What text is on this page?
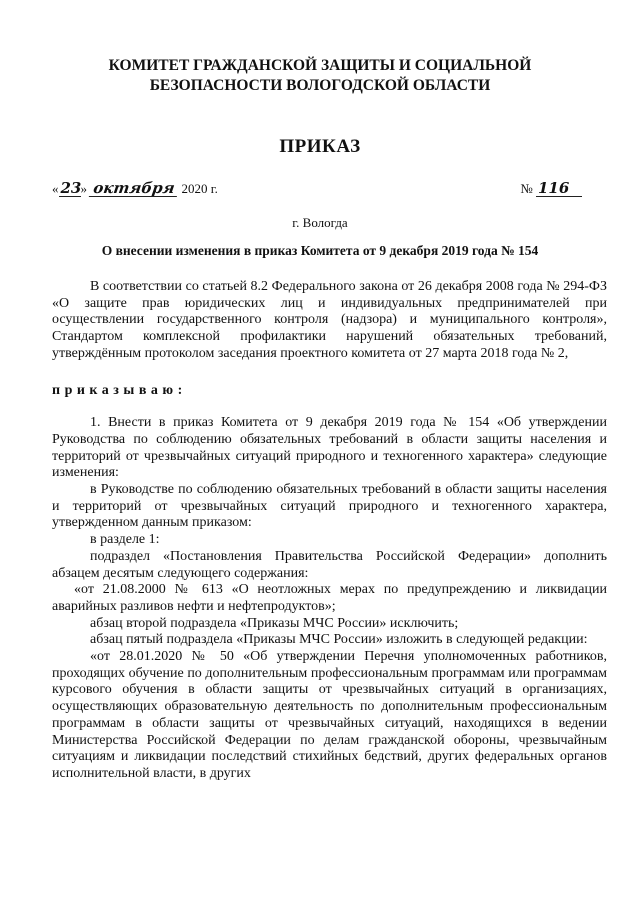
КОМИТЕТ ГРАЖДАНСКОЙ ЗАЩИТЫ И СОЦИАЛЬНОЙ
БЕЗОПАСНОСТИ ВОЛОГОДСКОЙ ОБЛАСТИ
ПРИКАЗ
« 23» октября 2020 г.	№ 116
г. Вологда
О внесении изменения в приказ Комитета от 9 декабря 2019 года № 154

В соответствии со статьей 8.2 Федерального закона от 26 декабря 2008 года № 294-ФЗ «О защите прав юридических лиц и индивидуальных предпринимателей при осуществлении государственного контроля (надзора) и муниципального контроля», Стандартом комплексной профилактики нарушений обязательных требований, утверждённым протоколом заседания проектного комитета от 27 марта 2018 года № 2,

приказываю:

1. Внести в приказ Комитета от 9 декабря 2019 года № 154 «Об утверждении Руководства по соблюдению обязательных требований в области защиты населения и территорий от чрезвычайных ситуаций природного и техногенного характера» следующие изменения:

в Руководстве по соблюдению обязательных требований в области защиты населения и территорий от чрезвычайных ситуаций природного и техногенного характера, утвержденном данным приказом:

в разделе 1:

подраздел «Постановления Правительства Российской Федерации» дополнить абзацем десятым следующего содержания:

«от 21.08.2000 № 613 «О неотложных мерах по предупреждению и ликвидации аварийных разливов нефти и нефтепродуктов»;

абзац второй подраздела «Приказы МЧС России» исключить;

абзац пятый подраздела «Приказы МЧС России» изложить в следующей редакции:

«от 28.01.2020 № 50 «Об утверждении Перечня уполномоченных работников, проходящих обучение по дополнительным профессиональным программам или программам курсового обучения в области защиты от чрезвычайных ситуаций в организациях, осуществляющих образовательную деятельность по дополнительным профессиональным программам в области защиты от чрезвычайных ситуаций, находящихся в ведении Министерства Российской Федерации по делам гражданской обороны, чрезвычайным ситуациям и ликвидации последствий стихийных бедствий, других федеральных органов исполнительной власти, в других
